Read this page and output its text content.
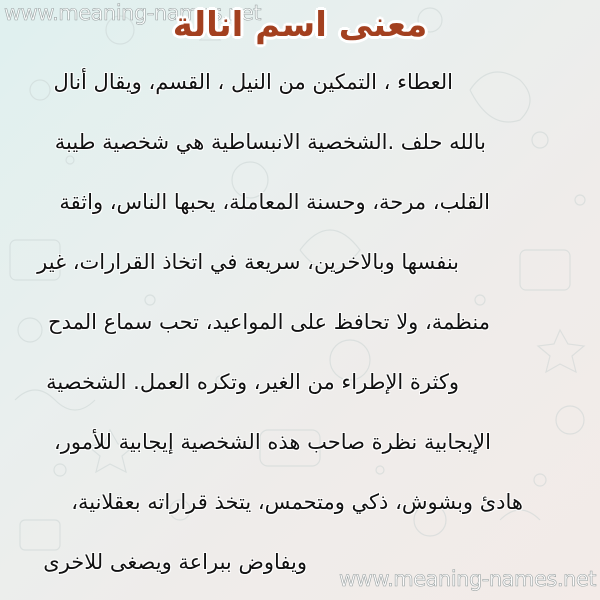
www.meaning-names.net
معنى اسم انالة
العطاء ، التمكين من النيل ، القسم، ويقال أنال
بالله حلف .الشخصية الانبساطية هي شخصية طيبة
القلب، مرحة، وحسنة المعاملة، يحبها الناس، واثقة
بنفسها وبالاخرين، سريعة في اتخاذ القرارات، غير
منظمة، ولا تحافظ على المواعيد، تحب سماع المدح
وكثرة الإطراء من الغير، وتكره العمل. الشخصية
الإيجابية نظرة صاحب هذه الشخصية إيجابية للأمور،
هادئ وبشوش، ذكي ومتحمس، يتخذ قراراته بعقلانية،
ويفاوض ببراعة ويصغى للاخرى
www.meaning-names.net
